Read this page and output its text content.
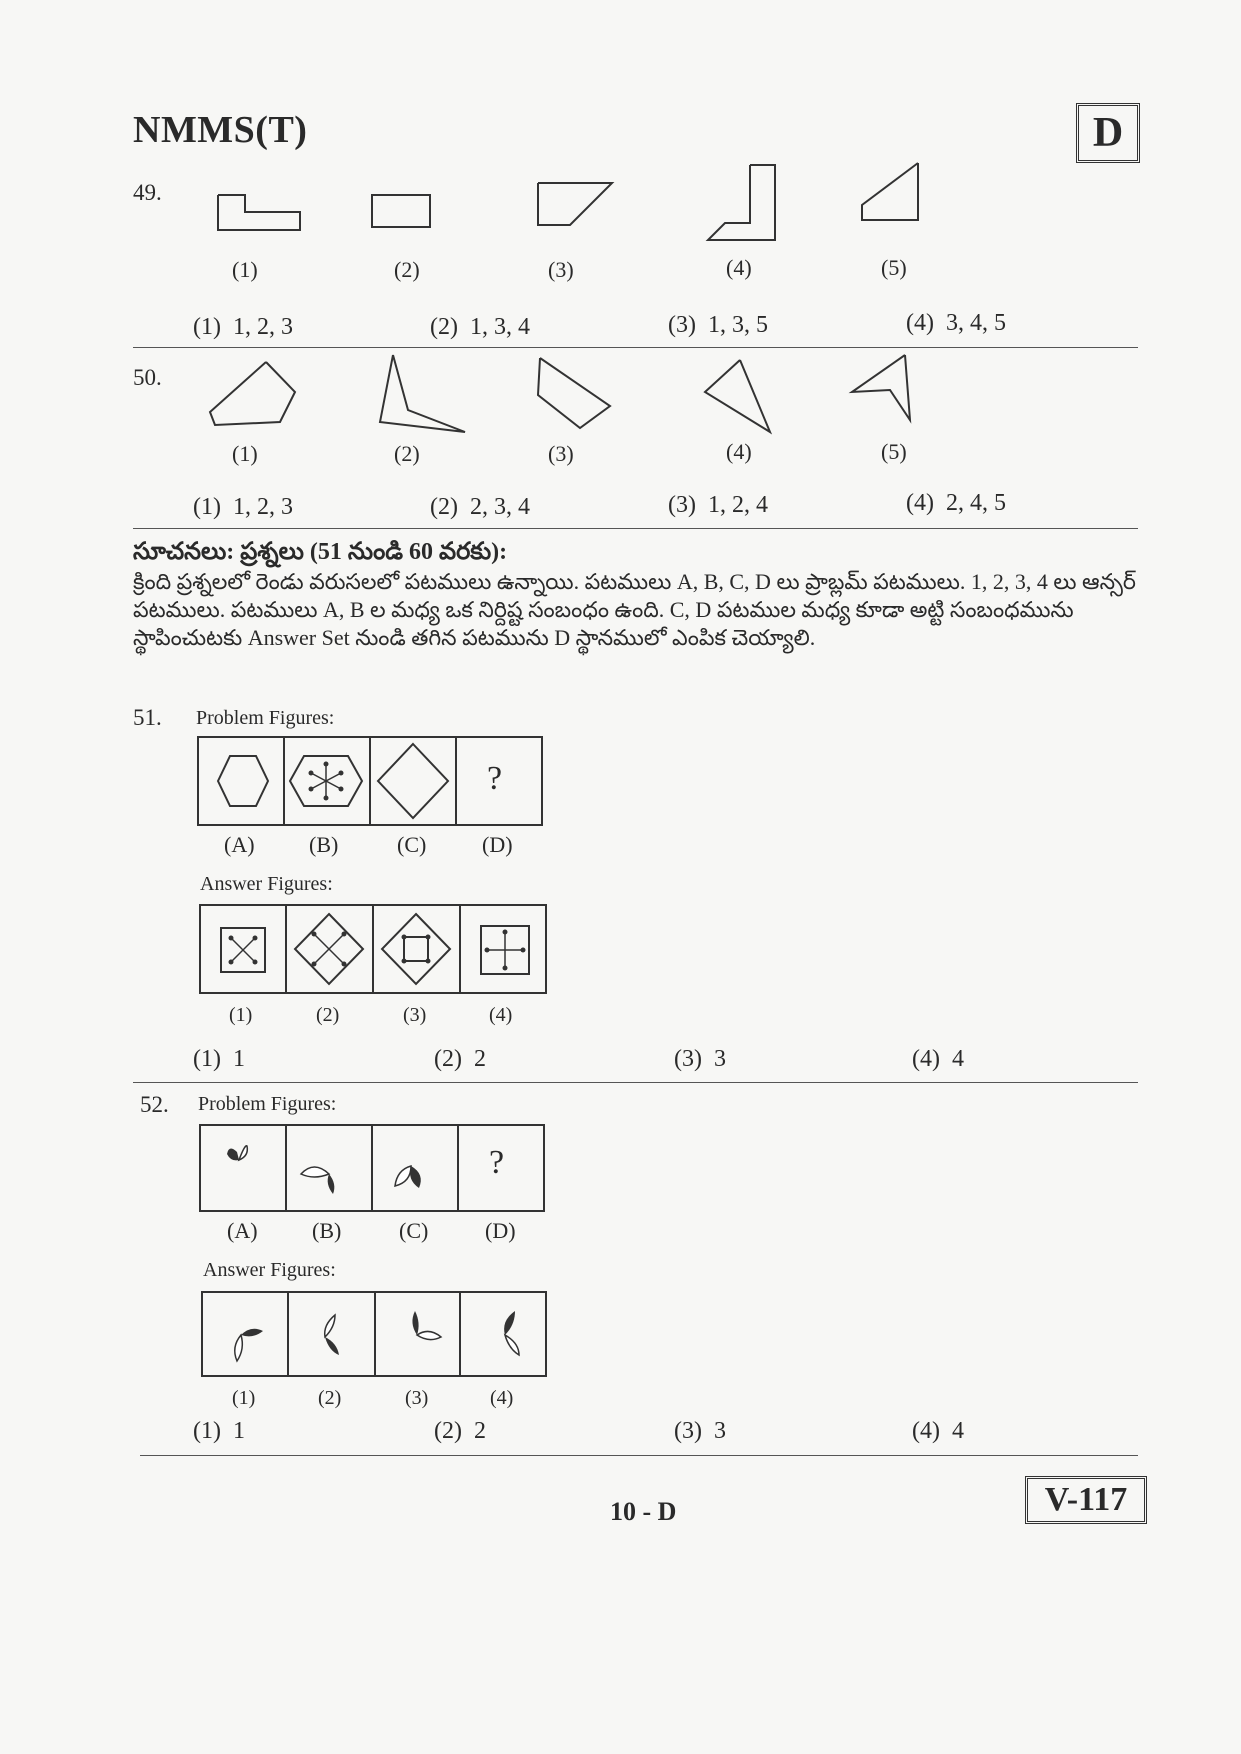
NMMS(T)	D
49.
(1)	(2)	(3)	(4)	(5)
(1) 1, 2, 3	(2) 1, 3, 4	(3) 1, 3, 5	(4) 3, 4, 5
50.
(1)	(2)	(3)	(4)	(5)
(1) 1, 2, 3	(2) 2, 3, 4	(3) 1, 2, 4	(4) 2, 4, 5
సూచనలు: ప్రశ్నలు (51 నుండి 60 వరకు):
క్రింది ప్రశ్నలలో రెండు వరుసలలో పటములు ఉన్నాయి. పటములు A, B, C, D లు ప్రాబ్లమ్ పటములు. 1, 2, 3, 4 లు ఆన్సర్ పటములు. పటములు A, B ల మధ్య ఒక నిర్దిష్ట సంబంధం ఉంది. C, D పటముల మధ్య కూడా అట్టి సంబంధమును స్థాపించుటకు Answer Set నుండి తగిన పటమును D స్థానములో ఎంపిక చెయ్యాలి.
51. Problem Figures:
?
(A) (B)	(C)	(D)
Answer Figures:
(1)	(2)	(3)	(4)
(1) 1	(2) 2	(3) 3	(4) 4
52. Problem Figures:
?
(A) (B)	(C)	(D)
Answer Figures:
(1)	(2)	(3)	(4)
(1) 1	(2) 2	(3) 3	(4) 4
10 - D	V-117
